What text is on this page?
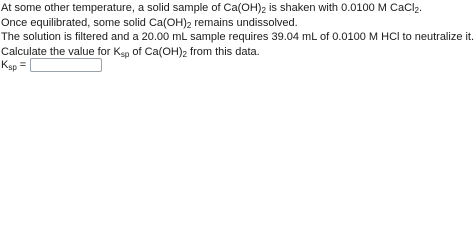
At some other temperature, a solid sample of $Ca(OH)_2$ is shaken with 0.0100 M CaCl$_2$.

Once equilibrated, some solid $Ca(OH)_2$ remains undissolved.

The solution is filtered and a 20.00 mL sample requires 39.04 mL of 0.0100 M HCl to neutralize it.

Calculate the value for $K_{sp}$ of $Ca(OH)_2$ from this data.

$K_{sp}$ =
